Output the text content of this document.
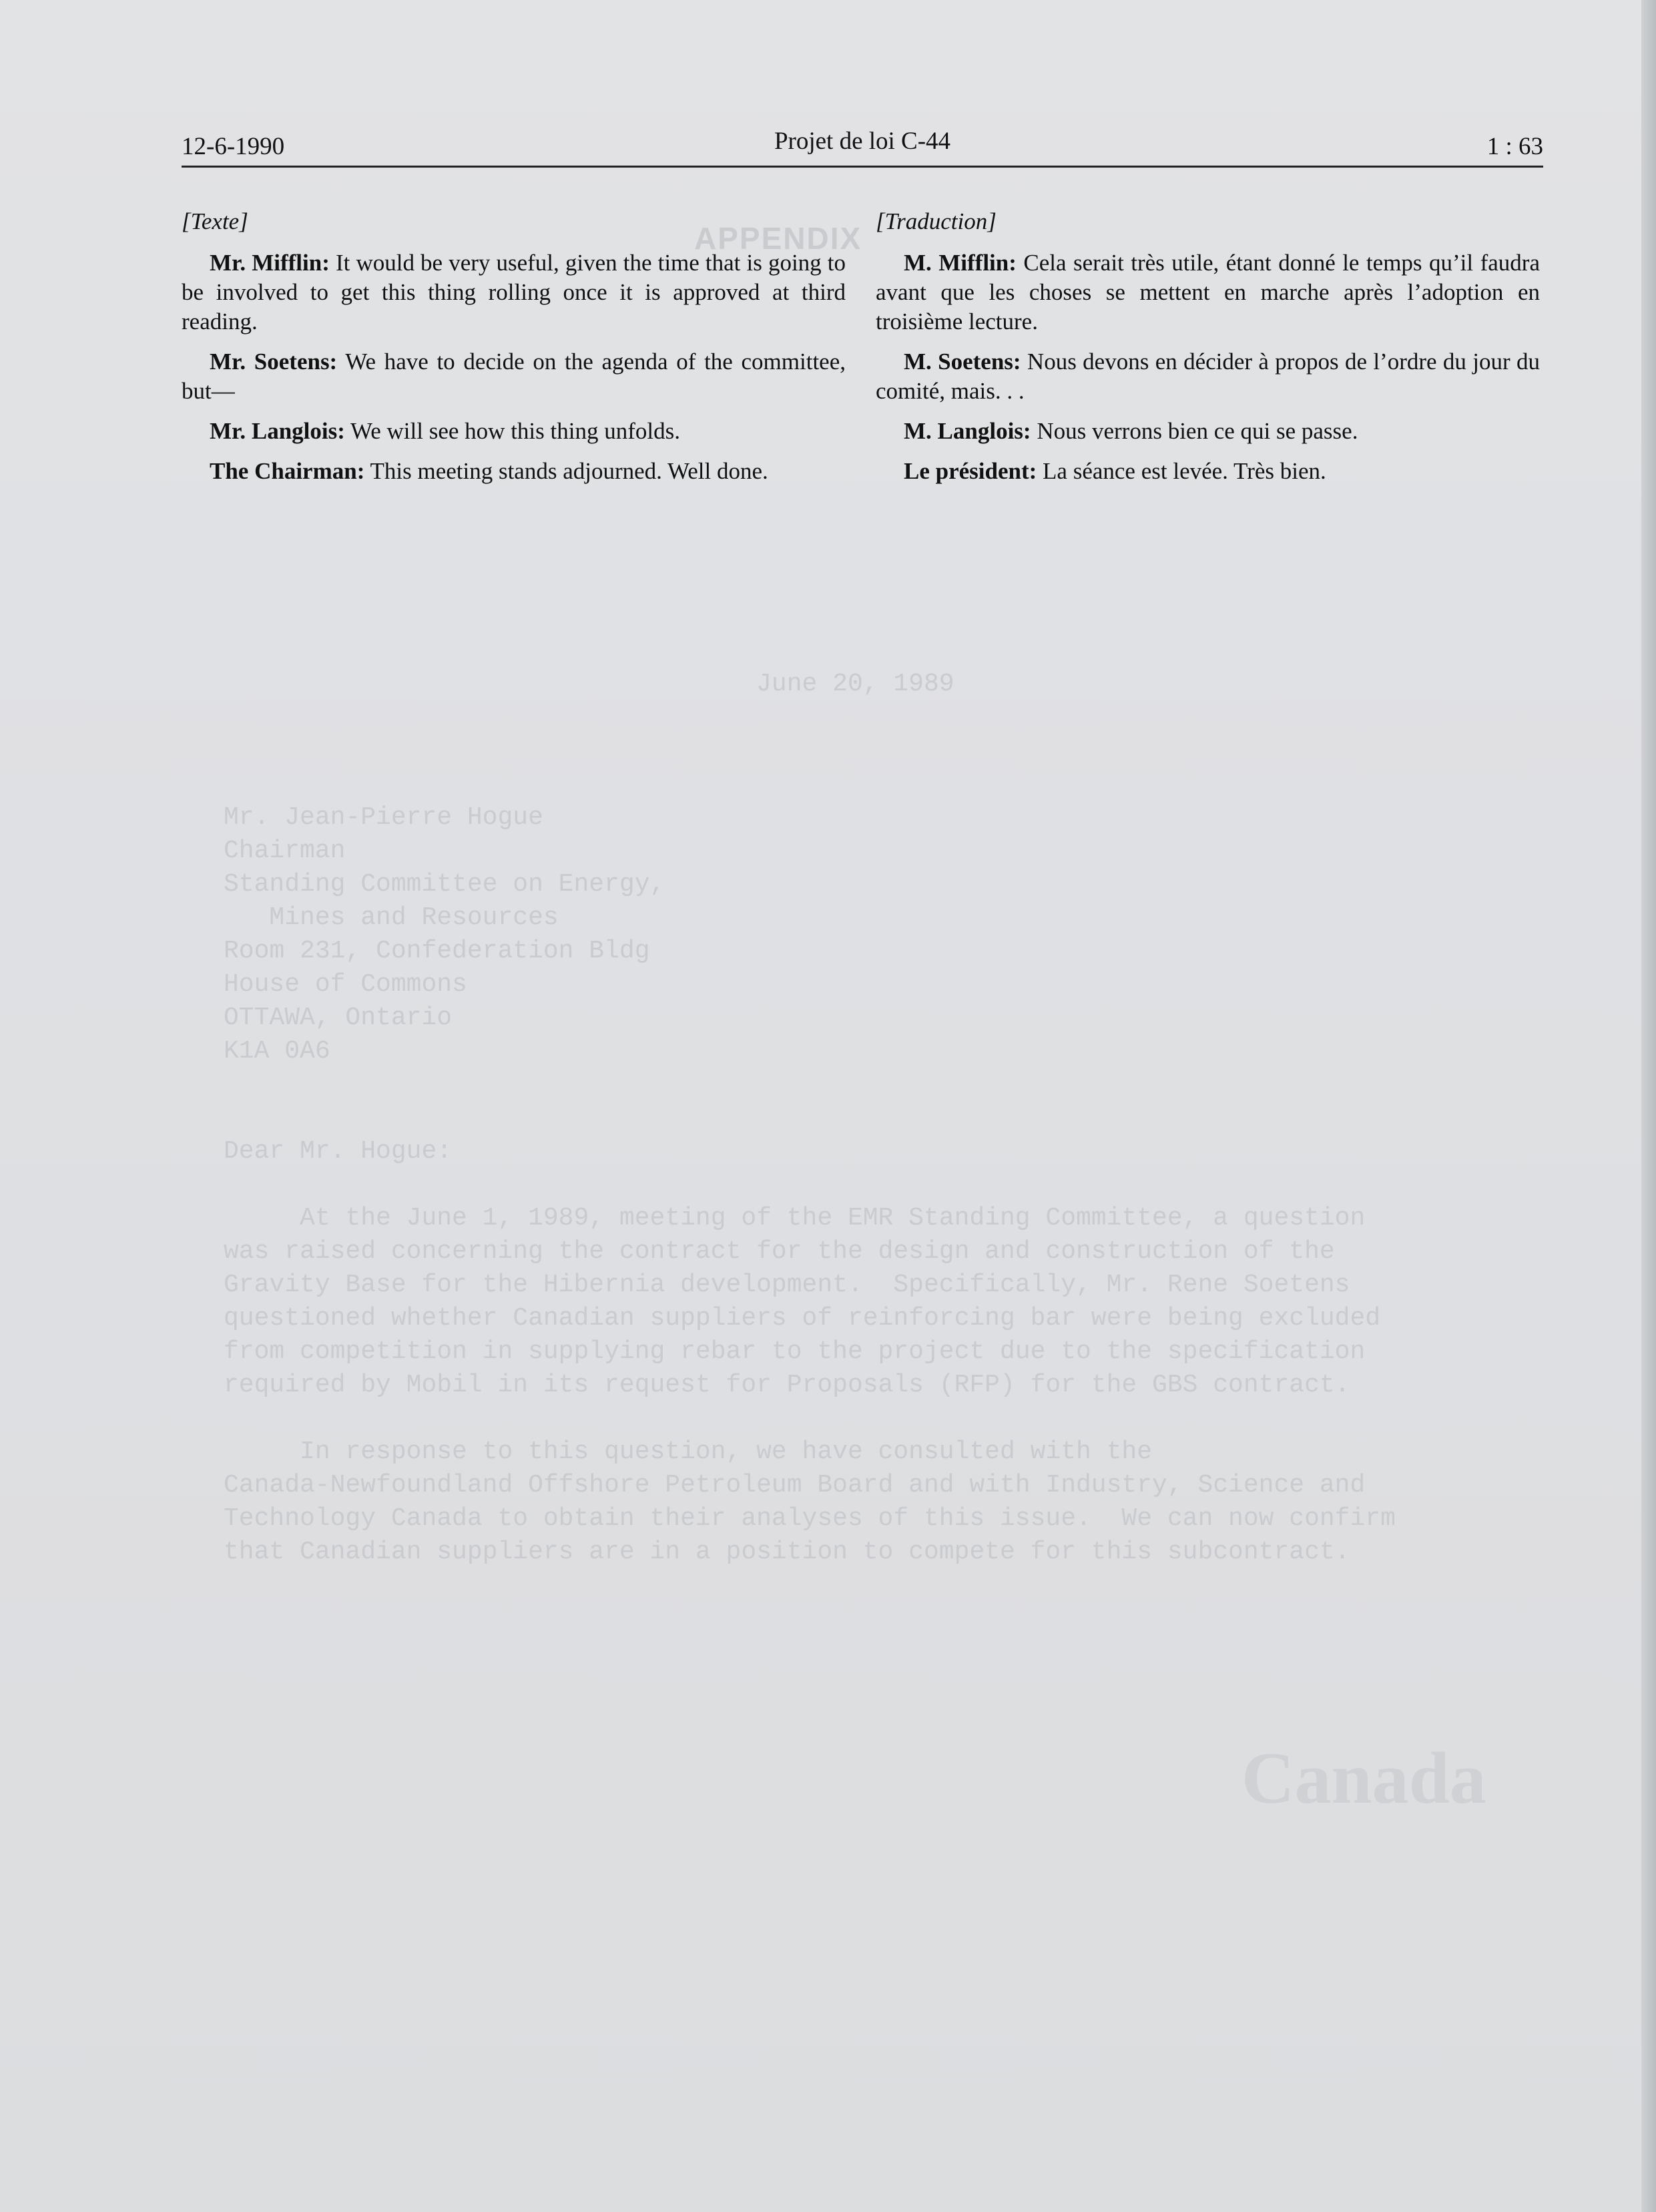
APPENDIX
June 20, 1989

Mr. Jean-Pierre Hogue
Chairman
Standing Committee on Energy,
Mines and Resources
Room 231, Confederation Bldg
House of Commons
OTTAWA, Ontario
K1A 0A6

Dear Mr. Hogue:

At the June 1, 1989, meeting of the EMR Standing Committee, a question
was raised concerning the contract for the design and construction of the
Gravity Base for the Hibernia development.  Specifically, Mr. Rene Soetens
questioned whether Canadian suppliers of reinforcing bar were being excluded
from competition in supplying rebar to the project due to the specification
required by Mobil in its request for Proposals (RFP) for the GBS contract.

In response to this question, we have consulted with the
Canada-Newfoundland Offshore Petroleum Board and with Industry, Science and
Technology Canada to obtain their analyses of this issue.  We can now confirm
that Canadian suppliers are in a position to compete for this subcontract.
Canada
12-6-1990	Projet de loi C-44	1 : 63
[Texte]

Mr. Mifflin: It would be very useful, given the time that is going to be involved to get this thing rolling once it is approved at third reading.

Mr. Soetens: We have to decide on the agenda of the committee, but—

Mr. Langlois: We will see how this thing unfolds.

The Chairman: This meeting stands adjourned. Well done.

[Traduction]

M. Mifflin: Cela serait très utile, étant donné le temps qu’il faudra avant que les choses se mettent en marche après l’adoption en troisième lecture.

M. Soetens: Nous devons en décider à propos de l’ordre du jour du comité, mais. . .

M. Langlois: Nous verrons bien ce qui se passe.

Le président: La séance est levée. Très bien.
